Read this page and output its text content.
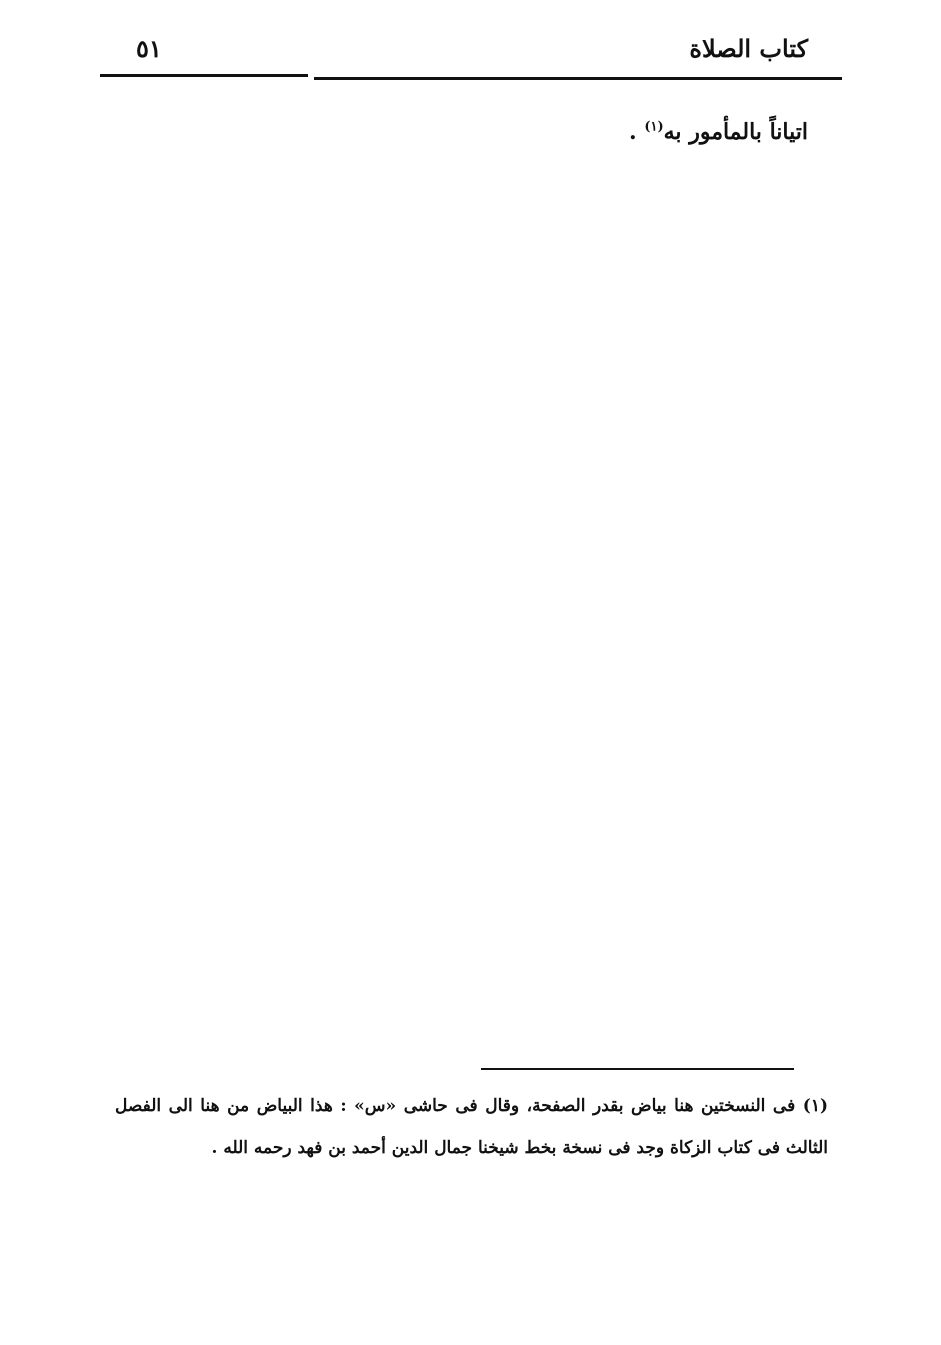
كتاب الصلاة
٥١
اتياناً بالمأمور به$^{(١)}$ .

(١) فى النسختين هنا بياض بقدر الصفحة، وقال فى حاشى «س» : هذا البياض من هنا الى الفصل الثالث فى كتاب الزكاة وجد فى نسخة بخط شيخنا جمال الدين أحمد بن فهد رحمه الله .
